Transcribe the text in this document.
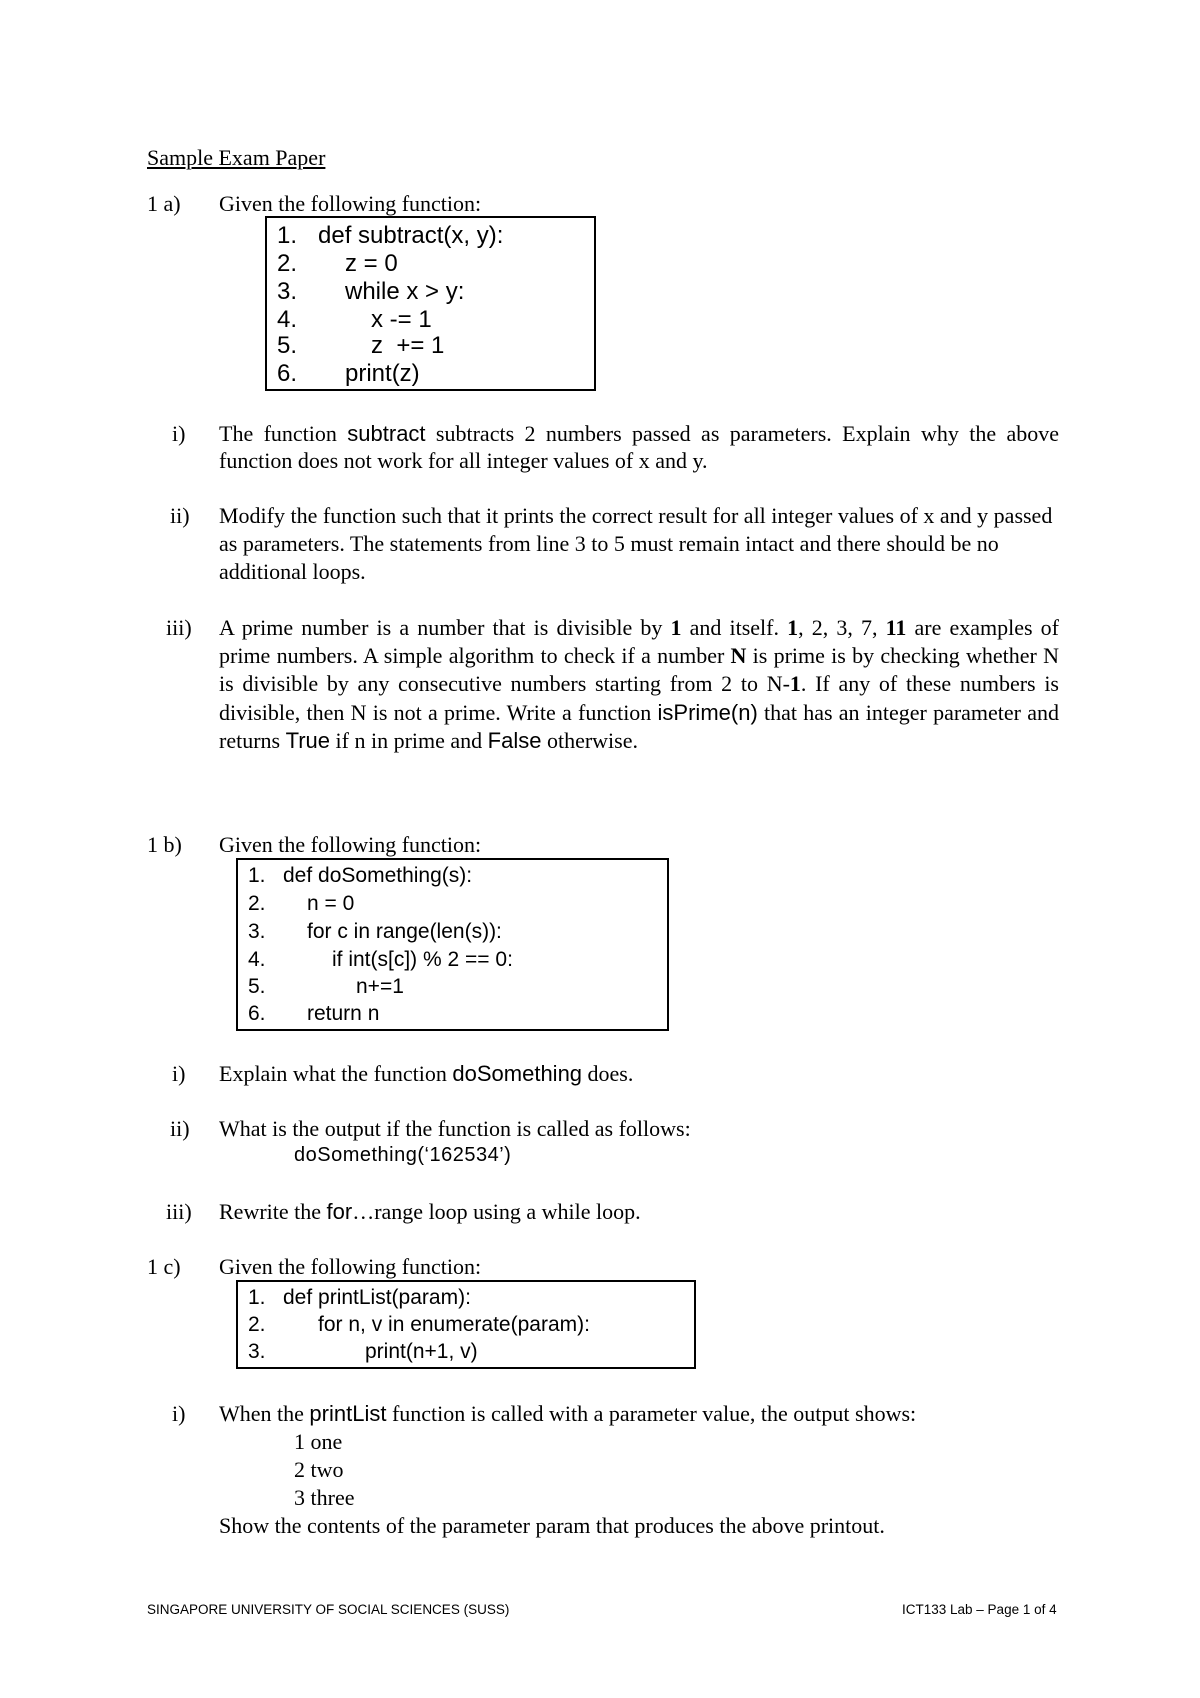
Sample Exam Paper
1 a) Given the following function:
1. def subtract(x, y):
2. z = 0
3. while x > y:
4.	x -= 1
5.	z  += 1
6. print(z)
i) The function subtract subtracts 2 numbers passed as parameters. Explain why the above function does not work for all integer values of x and y.
ii) Modify the function such that it prints the correct result for all integer values of x and y passed as parameters. The statements from line 3 to 5 must remain intact and there should be no additional loops.
iii) A prime number is a number that is divisible by 1 and itself. 1, 2, 3, 7, 11 are examples of prime numbers. A simple algorithm to check if a number N is prime is by checking whether N is divisible by any consecutive numbers starting from 2 to N-1. If any of these numbers is divisible, then N is not a prime. Write a function isPrime(n) that has an integer parameter and returns True if n in prime and False otherwise.
1 b) Given the following function:
1. def doSomething(s):
2. n = 0
3. for c in range(len(s)):
4.	if int(s[c]) % 2 == 0:
5.	n+=1
6. return n
i) Explain what the function doSomething does.
ii) What is the output if the function is called as follows:
doSomething(‘162534’)
iii) Rewrite the for…range loop using a while loop.
1 c) Given the following function:
1. def printList(param):
2. for n, v in enumerate(param):
3.	print(n+1, v)
i) When the printList function is called with a parameter value, the output shows:
1 one
2 two
3 three
Show the contents of the parameter param that produces the above printout.
SINGAPORE UNIVERSITY OF SOCIAL SCIENCES (SUSS)	ICT133 Lab – Page 1 of 4
